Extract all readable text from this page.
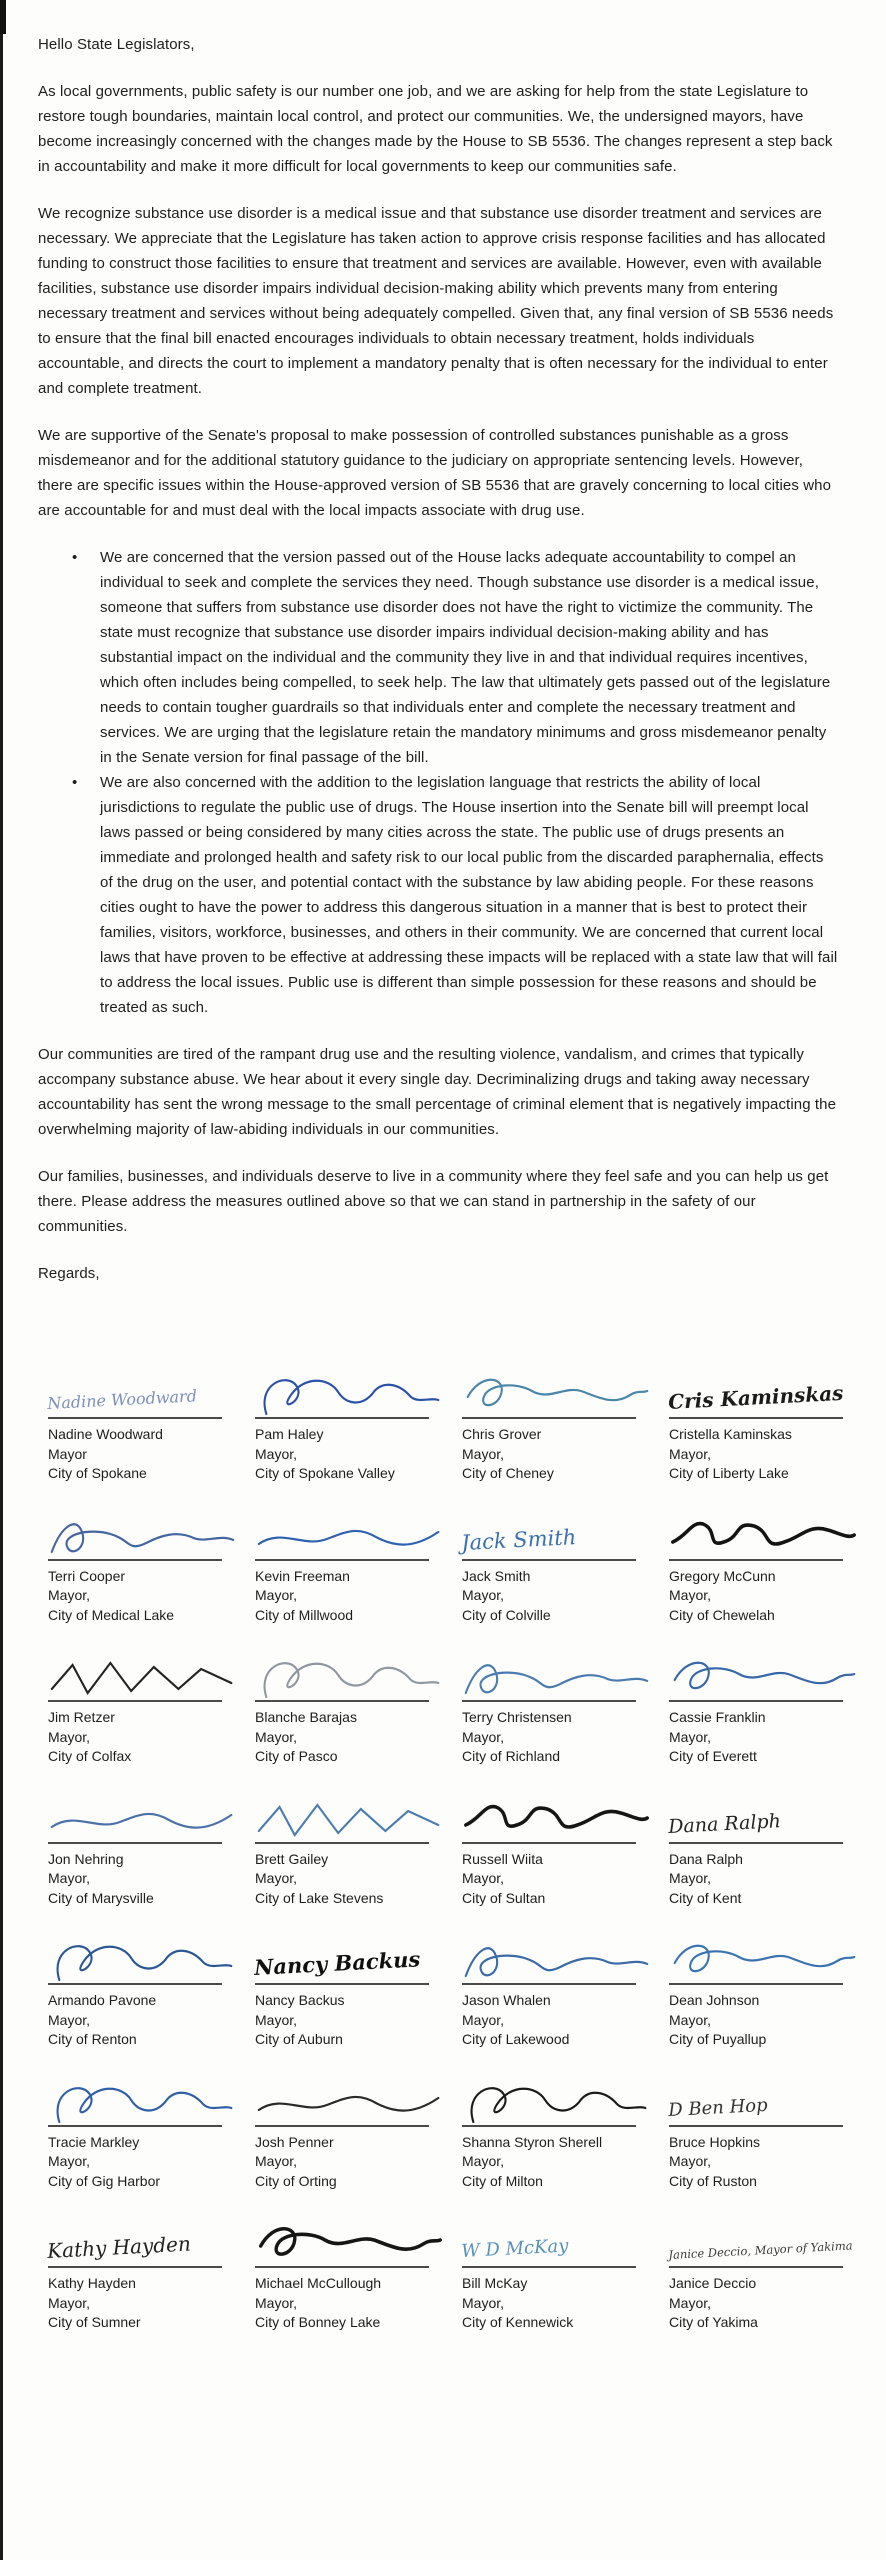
Hello State Legislators,

As local governments, public safety is our number one job, and we are asking for help from the state Legislature to restore tough boundaries, maintain local control, and protect our communities. We, the undersigned mayors, have become increasingly concerned with the changes made by the House to SB 5536. The changes represent a step back in accountability and make it more difficult for local governments to keep our communities safe.

We recognize substance use disorder is a medical issue and that substance use disorder treatment and services are necessary. We appreciate that the Legislature has taken action to approve crisis response facilities and has allocated funding to construct those facilities to ensure that treatment and services are available. However, even with available facilities, substance use disorder impairs individual decision-making ability which prevents many from entering necessary treatment and services without being adequately compelled. Given that, any final version of SB 5536 needs to ensure that the final bill enacted encourages individuals to obtain necessary treatment, holds individuals accountable, and directs the court to implement a mandatory penalty that is often necessary for the individual to enter and complete treatment.

We are supportive of the Senate's proposal to make possession of controlled substances punishable as a gross misdemeanor and for the additional statutory guidance to the judiciary on appropriate sentencing levels. However, there are specific issues within the House-approved version of SB 5536 that are gravely concerning to local cities who are accountable for and must deal with the local impacts associate with drug use.

• We are concerned that the version passed out of the House lacks adequate accountability to compel an individual to seek and complete the services they need. Though substance use disorder is a medical issue, someone that suffers from substance use disorder does not have the right to victimize the community. The state must recognize that substance use disorder impairs individual decision-making ability and has substantial impact on the individual and the community they live in and that individual requires incentives, which often includes being compelled, to seek help. The law that ultimately gets passed out of the legislature needs to contain tougher guardrails so that individuals enter and complete the necessary treatment and services. We are urging that the legislature retain the mandatory minimums and gross misdemeanor penalty in the Senate version for final passage of the bill.
• We are also concerned with the addition to the legislation language that restricts the ability of local jurisdictions to regulate the public use of drugs. The House insertion into the Senate bill will preempt local laws passed or being considered by many cities across the state. The public use of drugs presents an immediate and prolonged health and safety risk to our local public from the discarded paraphernalia, effects of the drug on the user, and potential contact with the substance by law abiding people. For these reasons cities ought to have the power to address this dangerous situation in a manner that is best to protect their families, visitors, workforce, businesses, and others in their community. We are concerned that current local laws that have proven to be effective at addressing these impacts will be replaced with a state law that will fail to address the local issues. Public use is different than simple possession for these reasons and should be treated as such.

Our communities are tired of the rampant drug use and the resulting violence, vandalism, and crimes that typically accompany substance abuse. We hear about it every single day. Decriminalizing drugs and taking away necessary accountability has sent the wrong message to the small percentage of criminal element that is negatively impacting the overwhelming majority of law-abiding individuals in our communities.

Our families, businesses, and individuals deserve to live in a community where they feel safe and you can help us get there. Please address the measures outlined above so that we can stand in partnership in the safety of our communities.

Regards,

Nadine Woodward
Nadine Woodward
Mayor
City of Spokane
Pam Haley
Mayor,
City of Spokane Valley
Chris Grover
Mayor,
City of Cheney
Cris Kaminskas
Cristella Kaminskas
Mayor,
City of Liberty Lake
Terri Cooper
Mayor,
City of Medical Lake
Kevin Freeman
Mayor,
City of Millwood
Jack Smith
Jack Smith
Mayor,
City of Colville
Gregory McCunn
Mayor,
City of Chewelah
Jim Retzer
Mayor,
City of Colfax
Blanche Barajas
Mayor,
City of Pasco
Terry Christensen
Mayor,
City of Richland
Cassie Franklin
Mayor,
City of Everett
Jon Nehring
Mayor,
City of Marysville
Brett Gailey
Mayor,
City of Lake Stevens
Russell Wiita
Mayor,
City of Sultan
Dana Ralph
Dana Ralph
Mayor,
City of Kent
Armando Pavone
Mayor,
City of Renton
Nancy Backus
Nancy Backus
Mayor,
City of Auburn
Jason Whalen
Mayor,
City of Lakewood
Dean Johnson
Mayor,
City of Puyallup
Tracie Markley
Mayor,
City of Gig Harbor
Josh Penner
Mayor,
City of Orting
Shanna Styron Sherell
Mayor,
City of Milton
D Ben Hop
Bruce Hopkins
Mayor,
City of Ruston
Kathy Hayden
Kathy Hayden
Mayor,
City of Sumner
Michael McCullough
Mayor,
City of Bonney Lake
W D McKay
Bill McKay
Mayor,
City of Kennewick
Janice Deccio, Mayor of Yakima
Janice Deccio
Mayor,
City of Yakima
